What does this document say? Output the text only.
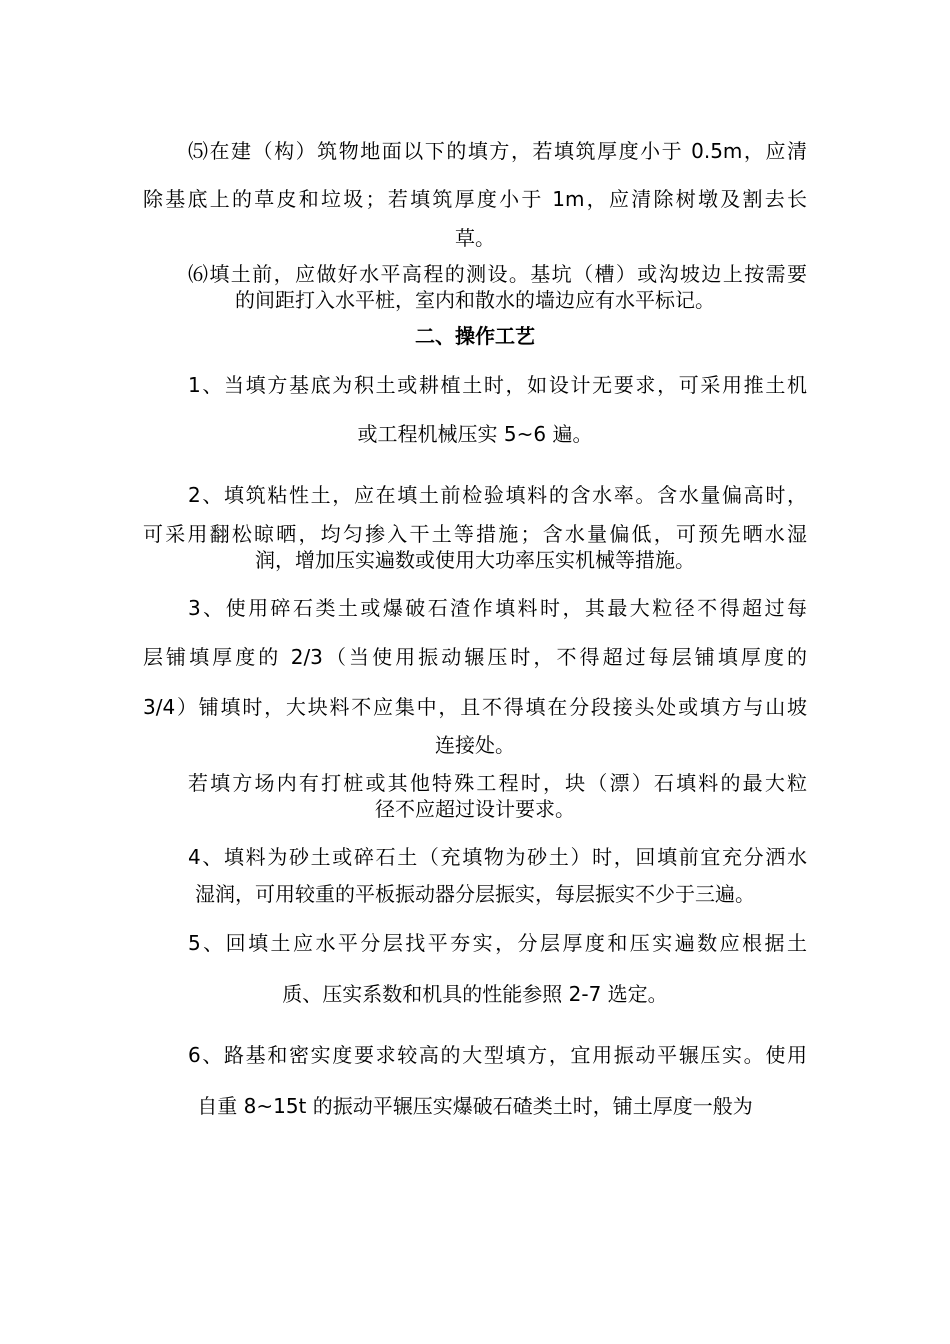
⑸在建（构）筑物地面以下的填方，若填筑厚度小于 0.5m，应清
除基底上的草皮和垃圾；若填筑厚度小于 1m，应清除树墩及割去长
草。
⑹填土前，应做好水平高程的测设。基坑（槽）或沟坡边上按需要
的间距打入水平桩，室内和散水的墙边应有水平标记。
二、操作工艺
1、当填方基底为积土或耕植土时，如设计无要求，可采用推土机
或工程机械压实 5~6 遍。
2、填筑粘性土，应在填土前检验填料的含水率。含水量偏高时，
可采用翻松晾晒，均匀掺入干土等措施；含水量偏低，可预先晒水湿
润，增加压实遍数或使用大功率压实机械等措施。
3、使用碎石类土或爆破石渣作填料时，其最大粒径不得超过每
层铺填厚度的 2/3（当使用振动辗压时，不得超过每层铺填厚度的
3/4）铺填时，大块料不应集中，且不得填在分段接头处或填方与山坡
连接处。
若填方场内有打桩或其他特殊工程时，块（漂）石填料的最大粒
径不应超过设计要求。
4、填料为砂土或碎石土（充填物为砂土）时，回填前宜充分洒水
湿润，可用较重的平板振动器分层振实，每层振实不少于三遍。
5、回填土应水平分层找平夯实，分层厚度和压实遍数应根据土
质、压实系数和机具的性能参照 2-7 选定。
6、路基和密实度要求较高的大型填方，宜用振动平辗压实。使用
自重 8~15t 的振动平辗压实爆破石碴类土时，铺土厚度一般为
